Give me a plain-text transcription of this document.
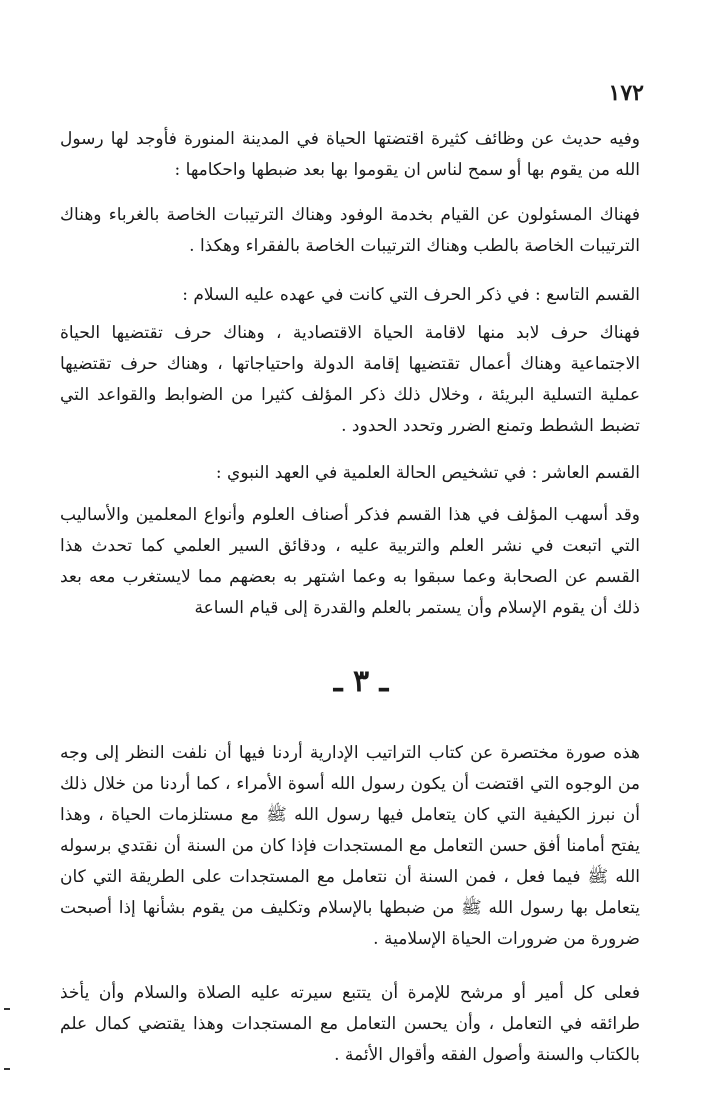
١٧٢

وفيه حديث عن وظائف كثيرة اقتضتها الحياة في المدينة المنورة فأوجد لها رسول الله من يقوم بها أو سمح لناس ان يقوموا بها بعد ضبطها واحكامها :

فهناك المسئولون عن القيام بخدمة الوفود وهناك الترتيبات الخاصة بالغرباء وهناك الترتيبات الخاصة بالطب وهناك الترتيبات الخاصة بالفقراء وهكذا .

القسم التاسع : في ذكر الحرف التي كانت في عهده عليه السلام :

فهناك حرف لابد منها لاقامة الحياة الاقتصادية ، وهناك حرف تقتضيها الحياة الاجتماعية وهناك أعمال تقتضيها إقامة الدولة واحتياجاتها ، وهناك حرف تقتضيها عملية التسلية البريئة ، وخلال ذلك ذكر المؤلف كثيرا من الضوابط والقواعد التي تضبط الشطط وتمنع الضرر وتحدد الحدود .

القسم العاشر : في تشخيص الحالة العلمية في العهد النبوي :

وقد أسهب المؤلف في هذا القسم فذكر أصناف العلوم وأنواع المعلمين والأساليب التي اتبعت في نشر العلم والتربية عليه ، ودقائق السير العلمي كما تحدث هذا القسم عن الصحابة وعما سبقوا به وعما اشتهر به بعضهم مما لايستغرب معه بعد ذلك أن يقوم الإسلام وأن يستمر بالعلم والقدرة إلى قيام الساعة

ـ ٣ ـ

هذه صورة مختصرة عن كتاب التراتيب الإدارية أردنا فيها أن نلفت النظر إلى وجه من الوجوه التي اقتضت أن يكون رسول الله أسوة الأمراء ، كما أردنا من خلال ذلك أن نبرز الكيفية التي كان يتعامل فيها رسول الله ﷺ مع مستلزمات الحياة ، وهذا يفتح أمامنا أفق حسن التعامل مع المستجدات فإذا كان من السنة أن نقتدي برسوله الله ﷺ فيما فعل ، فمن السنة أن نتعامل مع المستجدات على الطريقة التي كان يتعامل بها رسول الله ﷺ من ضبطها بالإسلام وتكليف من يقوم بشأنها إذا أصبحت ضرورة من ضرورات الحياة الإسلامية .

فعلى كل أمير أو مرشح للإمرة أن يتتبع سيرته عليه الصلاة والسلام وأن يأخذ طرائقه في التعامل ، وأن يحسن التعامل مع المستجدات وهذا يقتضي كمال علم بالكتاب والسنة وأصول الفقه وأقوال الأئمة .
